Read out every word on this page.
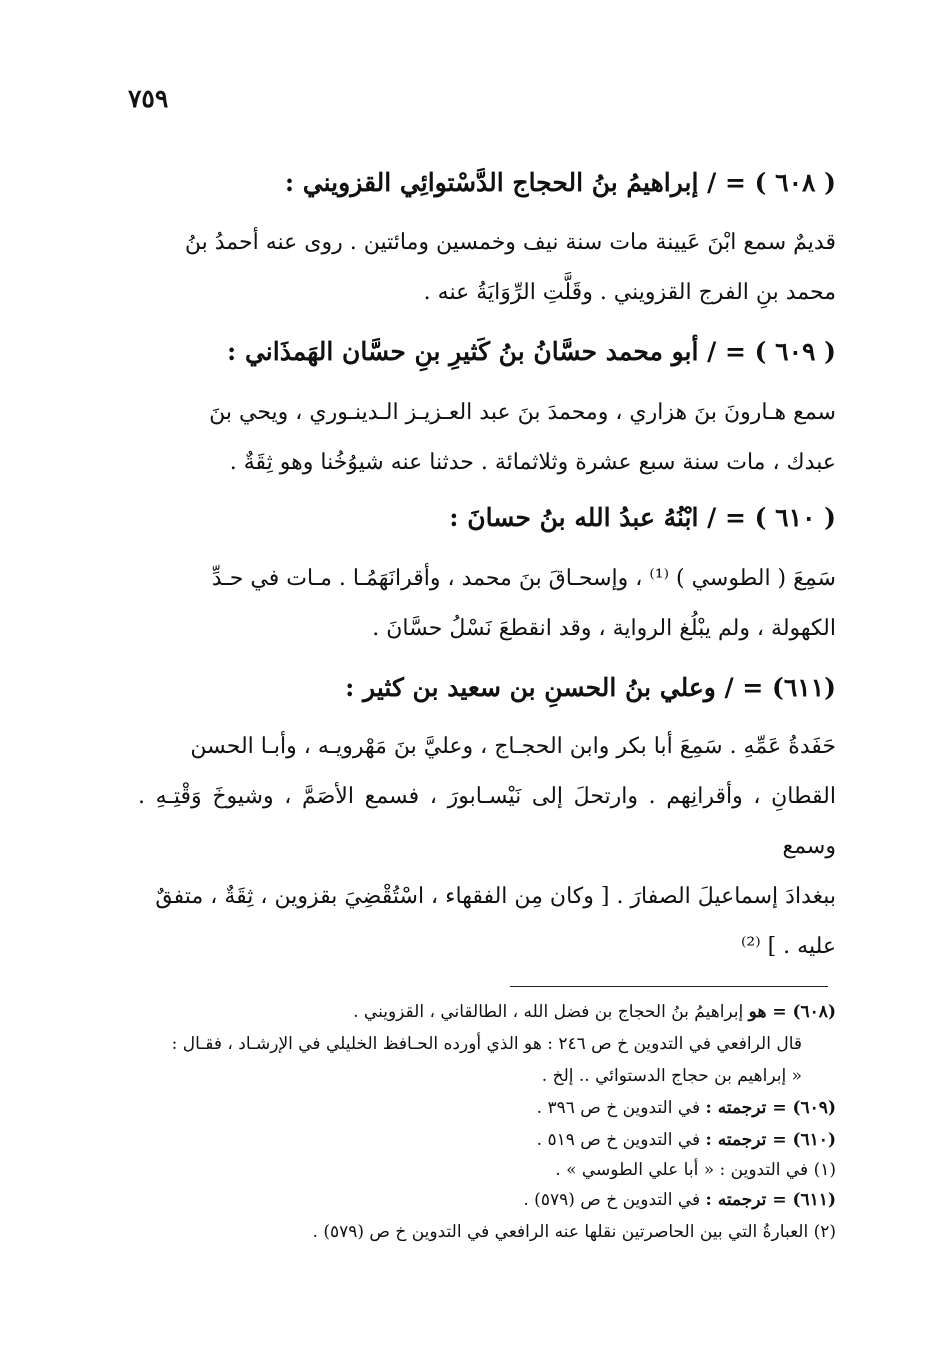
٧٥٩
( ٦٠٨ ) = / إبراهيمُ بنُ الحجاج الدَّسْتوائِي القزويني :
قديمٌ سمع ابْنَ عَيينة مات سنة نيف وخمسين ومائتين . روى عنه أحمدُ بنُ
محمد بنِ الفرج القزويني . وقَلَّتِ الرِّوَايَةُ عنه .
( ٦٠٩ ) = / أبو محمد حسَّانُ بنُ كَثيرِ بنِ حسَّان الهَمذَاني :
سمع هـارونَ بنَ هزاري ، ومحمدَ بنَ عبد العـزيـز الـدينـوري ، ويحي بنَ
عبدك ، مات سنة سبع عشرة وثلاثمائة . حدثنا عنه شيوُخُنا وهو ثِقَةٌ .
( ٦١٠ ) = / ابْنُهُ عبدُ الله بنُ حسانَ :
سَمِعَ ( الطوسي ) ⁽¹⁾ ، وإسحـاقَ بنَ محمد ، وأقرانَهَمُـا . مـات في حـدِّ
الكهولة ، ولم يبْلُغ الرواية ، وقد انقطعَ نَسْلُ حسَّانَ .
(٦١١) = / وعلي بنُ الحسنِ بن سعيد بن كثير :
حَفَدةُ عَمِّهِ . سَمِعَ أبا بكر وابن الحجـاج ، وعليَّ بنَ مَهْرويـه ، وأبـا الحسن
القطانِ ، وأقرانِهم . وارتحلَ إلى نَيْسـابورَ ، فسمع الأصَمَّ ، وشيوخَ وَقْتِـهِ . وسمع
ببغدادَ إسماعيلَ الصفارَ . [ وكان مِن الفقهاء ، اسْتُقْضِيَ بقزوين ، ثِقَةٌ ، متفقٌ
عليه . ] ⁽²⁾
(٦٠٨) = هو إبراهيمُ بنُ الحجاج بن فضل الله ، الطالقاني ، القزويني .
قال الرافعي في التدوين خ ص ٢٤٦ : هو الذي أورده الحـافظ الخليلي في الإرشـاد ، فقـال :
« إبراهيم بن حجاج الدستوائي .. إلخ .
(٦٠٩) = ترجمته : في التدوين خ ص ٣٩٦ .
(٦١٠) = ترجمته : في التدوين خ ص ٥١٩ .
(١) في التدوين : « أبا علي الطوسي » .
(٦١١) = ترجمته : في التدوين خ ص (٥٧٩) .
(٢) العبارةُ التي بين الحاصرتين نقلها عنه الرافعي في التدوين خ ص (٥٧٩) .
